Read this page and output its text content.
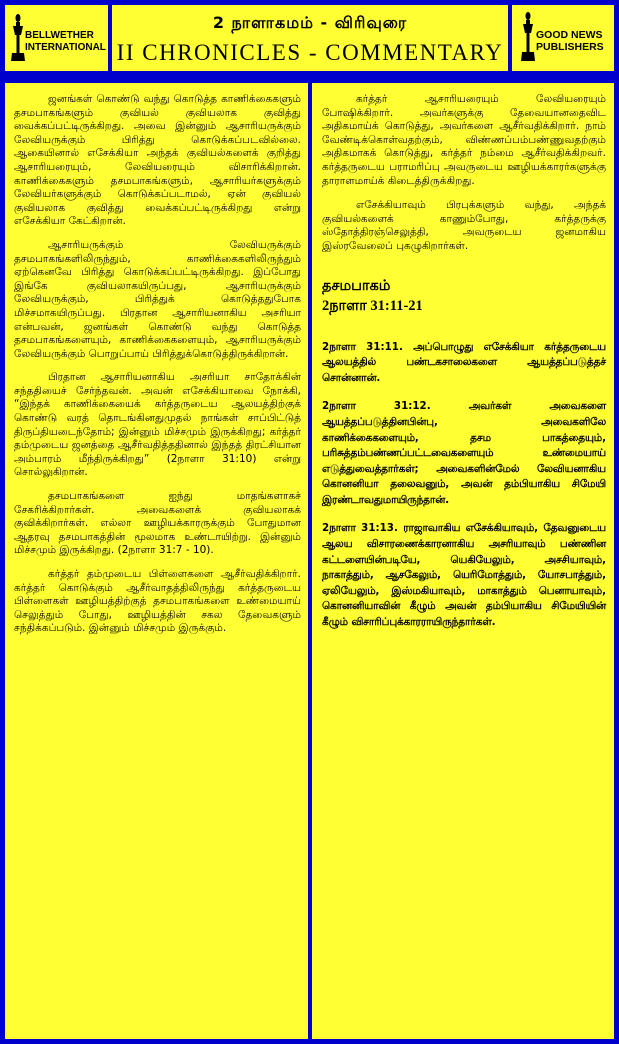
BELLWETHER
INTERNATIONAL
2 நாளாகமம் - விரிவுரை
II CHRONICLES - COMMENTARY
GOOD NEWS
PUBLISHERS

ஜனங்கள் கொண்டு வந்து கொடுத்த காணிக்கைகளும் தசமபாகங்களும் குவியல் குவியலாக குவித்து வைக்கப்பட்டிருக்கிறது. அவை இன்னும் ஆசாரியருக்கும் லேவியருக்கும் பிரித்து கொடுக்கப்படவில்லை. ஆகையினால் எசேக்கியா அந்தக் குவியல்களைக் குறித்து ஆசாரியரையும், லேவியரையும் விசாரிக்கிறான். காணிக்கைகளும் தசமபாகங்களும், ஆசாரியர்களுக்கும் லேவியர்களுக்கும் கொடுக்கப்படாமல், ஏன் குவியல் குவியலாக குவித்து வைக்கப்பட்டிருக்கிறது என்று எசேக்கியா கேட்கிறான்.

ஆசாரியருக்கும் லேவியருக்கும் தசமபாகங்களிலிருந்தும், காணிக்கைகளிலிருந்தும் ஏற்கெனவே பிரித்து கொடுக்கப்பட்டிருக்கிறது. இப்போது இங்கே குவியலாகயிருப்பது, ஆசாரியருக்கும் லேவியருக்கும், பிரித்துக் கொடுத்ததுபோக மிச்சமாகயிருப்பது. பிரதான ஆசாரியனாகிய அசரியா என்பவன், ஜனங்கள் கொண்டு வந்து கொடுத்த தசமபாகங்களையும், காணிக்கைகளையும், ஆசாரியருக்கும் லேவியருக்கும் பொறுப்பாய் பிரித்துக்கொடுத்திருக்கிறான்.

பிரதான ஆசாரியனாகிய அசரியா சாதோக்கின் சந்ததியைச் சேர்ந்தவன். அவன் எசேக்கியாவை நோக்கி, “இந்தக் காணிக்கையைக் கர்த்தருடைய ஆலயத்திற்குக் கொண்டு வரத் தொடங்கினதுமுதல் நாங்கள் சாப்பிட்டுத் திருப்தியடைந்தோம்; இன்னும் மிச்சமும் இருக்கிறது; கர்த்தர் தம்முடைய ஜனத்தை ஆசீர்வதித்ததினால் இந்தத் திரட்சியான அம்பாரம் மீந்திருக்கிறது” (2நாளா 31:10) என்று சொல்லுகிறான்.

தசமபாகங்களை ஐந்து மாதங்களாகச் சேகரிக்கிறார்கள். அவைகளைக் குவியலாகக் குவிக்கிறார்கள். எல்லா ஊழியக்காரருக்கும் போதுமான ஆதரவு தசமபாகத்தின் மூலமாக உண்டாயிற்று. இன்னும் மிச்சமும் இருக்கிறது. (2நாளா 31:7 - 10).

கர்த்தர் தம்முடைய பிள்ளைகளை ஆசீர்வதிக்கிறார். கர்த்தர் கொடுக்கும் ஆசீர்வாதத்திலிருந்து கர்த்தருடைய பிள்ளைகள் ஊழியத்திற்குத் தசமபாகங்களை உண்மையாய் செலுத்தும் போது, ஊழியத்தின் சகல தேவைகளும் சந்திக்கப்படும். இன்னும் மிச்சமும் இருக்கும்.

கர்த்தர் ஆசாரியரையும் லேவியரையும் போஷிக்கிறார். அவர்களுக்கு தேவையானதைவிட அதிகமாய்க் கொடுத்து, அவர்களை ஆசீர்வதிக்கிறார். நாம் வேண்டிக்கொள்வதற்கும், விண்ணப்பம்பண்ணுவதற்கும் அதிகமாகக் கொடுத்து, கர்த்தர் நம்மை ஆசீர்வதிக்கிறவர். கர்த்தருடைய பராமரிப்பு அவருடைய ஊழியக்காரர்களுக்கு தாராளமாய்க் கிடைத்திருக்கிறது.

எசேக்கியாவும் பிரபுக்களும் வந்து, அந்தக் குவியல்களைக் காணும்போது, கர்த்தருக்கு ஸ்தோத்திரஞ்செலுத்தி, அவருடைய ஜனமாகிய இஸ்ரவேலைப் புகழுகிறார்கள்.

தசமபாகம்
2நாளா 31:11-21
2நாளா 31:11. அப்பொழுது எசேக்கியா கர்த்தருடைய ஆலயத்தில் பண்டகசாலைகளை ஆயத்தப்படுத்தச் சொன்னான்.
2நாளா 31:12. அவர்கள் அவைகளை ஆயத்தப்படுத்தினபின்பு, அவைகளிலே காணிக்கைகளையும், தசம பாகத்தையும், பரிசுத்தம்பண்ணப்பட்டவைகளையும் உண்மையாய் எடுத்துவைத்தார்கள்; அவைகளின்மேல் லேவியனாகிய கொனனியா தலைவனும், அவன் தம்பியாகிய சிமேயி இரண்டாவதுமாயிருந்தான்.
2நாளா 31:13. ராஜாவாகிய எசேக்கியாவும், தேவனுடைய ஆலய விசாரணைக்காரனாகிய அசரியாவும் பண்ணின கட்டளையின்படியே, யெகியேலும், அசசியாவும், நாகாத்தும், ஆசகேலும், யெரிமோத்தும், யோசபாத்தும், ஏலியேலும், இஸ்மகியாவும், மாகாத்தும் பெனாயாவும், கொனனியாவின் கீழும் அவன் தம்பியாகிய சிமேயியின் கீழும் விசாரிப்புக்காரராயிருந்தார்கள்.
